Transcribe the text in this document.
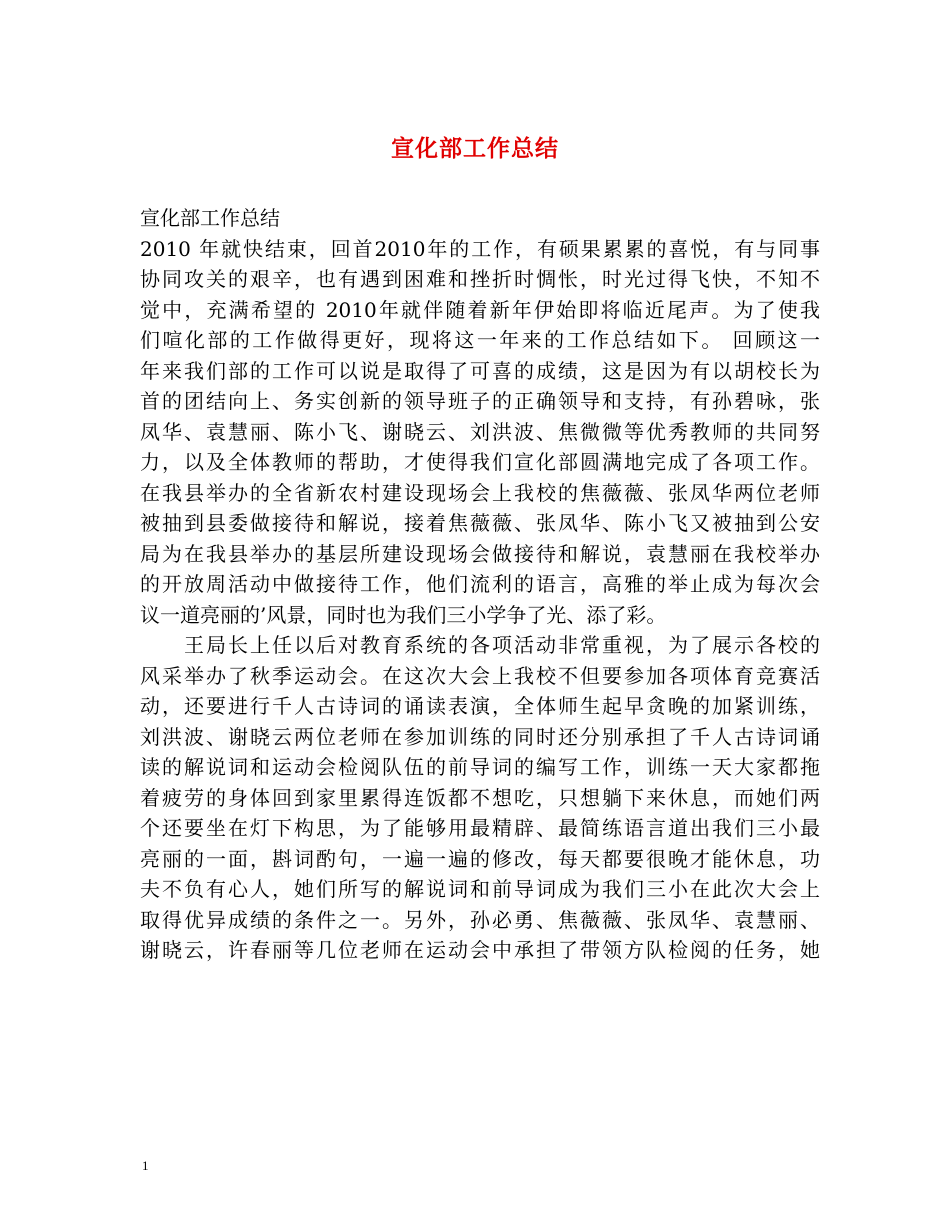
宣化部工作总结
宣化部工作总结
2010 年就快结束，回首2010年的工作，有硕果累累的喜悦，有与同事
协同攻关的艰辛，也有遇到困难和挫折时惆怅，时光过得飞快，不知不
觉中，充满希望的 2010年就伴随着新年伊始即将临近尾声。为了使我
们喧化部的工作做得更好，现将这一年来的工作总结如下。 回顾这一
年来我们部的工作可以说是取得了可喜的成绩，这是因为有以胡校长为
首的团结向上、务实创新的领导班子的正确领导和支持，有孙碧咏，张
凤华、袁慧丽、陈小飞、谢晓云、刘洪波、焦微微等优秀教师的共同努
力，以及全体教师的帮助，才使得我们宣化部圆满地完成了各项工作。
在我县举办的全省新农村建设现场会上我校的焦薇薇、张凤华两位老师
被抽到县委做接待和解说，接着焦薇薇、张凤华、陈小飞又被抽到公安
局为在我县举办的基层所建设现场会做接待和解说，袁慧丽在我校举办
的开放周活动中做接待工作，他们流利的语言，高雅的举止成为每次会
议一道亮丽的’风景，同时也为我们三小学争了光、添了彩。
　　王局长上任以后对教育系统的各项活动非常重视，为了展示各校的
风采举办了秋季运动会。在这次大会上我校不但要参加各项体育竞赛活
动，还要进行千人古诗词的诵读表演，全体师生起早贪晚的加紧训练，
刘洪波、谢晓云两位老师在参加训练的同时还分别承担了千人古诗词诵
读的解说词和运动会检阅队伍的前导词的编写工作，训练一天大家都拖
着疲劳的身体回到家里累得连饭都不想吃，只想躺下来休息，而她们两
个还要坐在灯下构思，为了能够用最精辟、最简练语言道出我们三小最
亮丽的一面，斟词酌句，一遍一遍的修改，每天都要很晚才能休息，功
夫不负有心人，她们所写的解说词和前导词成为我们三小在此次大会上
取得优异成绩的条件之一。另外，孙必勇、焦薇薇、张凤华、袁慧丽、
谢晓云，许春丽等几位老师在运动会中承担了带领方队检阅的任务，她
1
